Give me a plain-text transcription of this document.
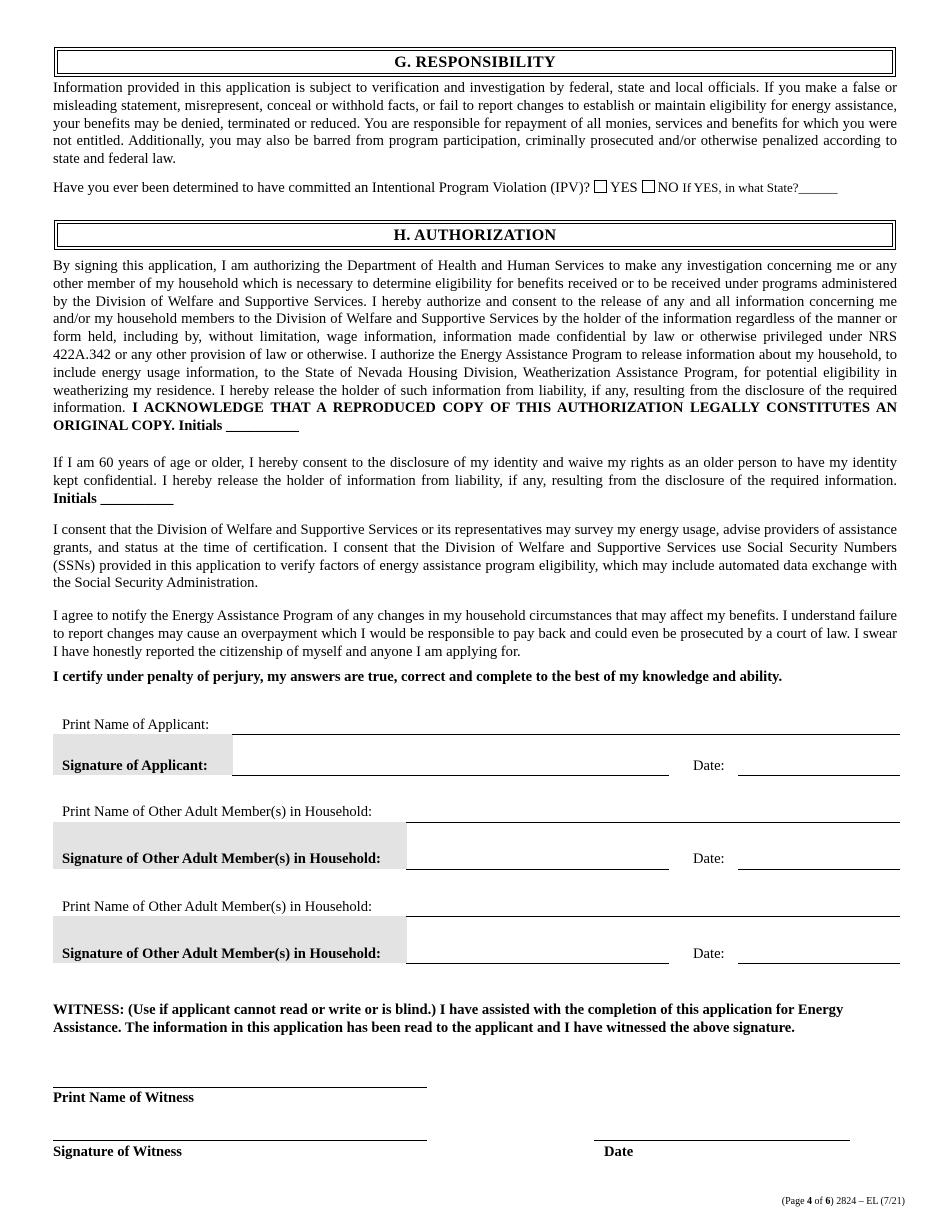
G. RESPONSIBILITY
Information provided in this application is subject to verification and investigation by federal, state and local officials. If you make a false or misleading statement, misrepresent, conceal or withhold facts, or fail to report changes to establish or maintain eligibility for energy assistance, your benefits may be denied, terminated or reduced. You are responsible for repayment of all monies, services and benefits for which you were not entitled. Additionally, you may also be barred from program participation, criminally prosecuted and/or otherwise penalized according to state and federal law.
Have you ever been determined to have committed an Intentional Program Violation (IPV)? YES NO If YES, in what State?______
H. AUTHORIZATION
By signing this application, I am authorizing the Department of Health and Human Services to make any investigation concerning me or any other member of my household which is necessary to determine eligibility for benefits received or to be received under programs administered by the Division of Welfare and Supportive Services. I hereby authorize and consent to the release of any and all information concerning me and/or my household members to the Division of Welfare and Supportive Services by the holder of the information regardless of the manner or form held, including by, without limitation, wage information, information made confidential by law or otherwise privileged under NRS 422A.342 or any other provision of law or otherwise. I authorize the Energy Assistance Program to release information about my household, to include energy usage information, to the State of Nevada Housing Division, Weatherization Assistance Program, for potential eligibility in weatherizing my residence. I hereby release the holder of such information from liability, if any, resulting from the disclosure of the required information. I ACKNOWLEDGE THAT A REPRODUCED COPY OF THIS AUTHORIZATION LEGALLY CONSTITUTES AN ORIGINAL COPY. Initials __________
If I am 60 years of age or older, I hereby consent to the disclosure of my identity and waive my rights as an older person to have my identity kept confidential. I hereby release the holder of information from liability, if any, resulting from the disclosure of the required information. Initials __________
I consent that the Division of Welfare and Supportive Services or its representatives may survey my energy usage, advise providers of assistance grants, and status at the time of certification. I consent that the Division of Welfare and Supportive Services use Social Security Numbers (SSNs) provided in this application to verify factors of energy assistance program eligibility, which may include automated data exchange with the Social Security Administration.
I agree to notify the Energy Assistance Program of any changes in my household circumstances that may affect my benefits. I understand failure to report changes may cause an overpayment which I would be responsible to pay back and could even be prosecuted by a court of law. I swear I have honestly reported the citizenship of myself and anyone I am applying for.
I certify under penalty of perjury, my answers are true, correct and complete to the best of my knowledge and ability.
Print Name of Applicant:
Signature of Applicant:	Date:
Print Name of Other Adult Member(s) in Household:
Signature of Other Adult Member(s) in Household:	Date:
Print Name of Other Adult Member(s) in Household:
Signature of Other Adult Member(s) in Household:	Date:
WITNESS: (Use if applicant cannot read or write or is blind.) I have assisted with the completion of this application for Energy Assistance. The information in this application has been read to the applicant and I have witnessed the above signature.
Print Name of Witness
Signature of Witness	Date
(Page 4 of 6) 2824 – EL (7/21)
